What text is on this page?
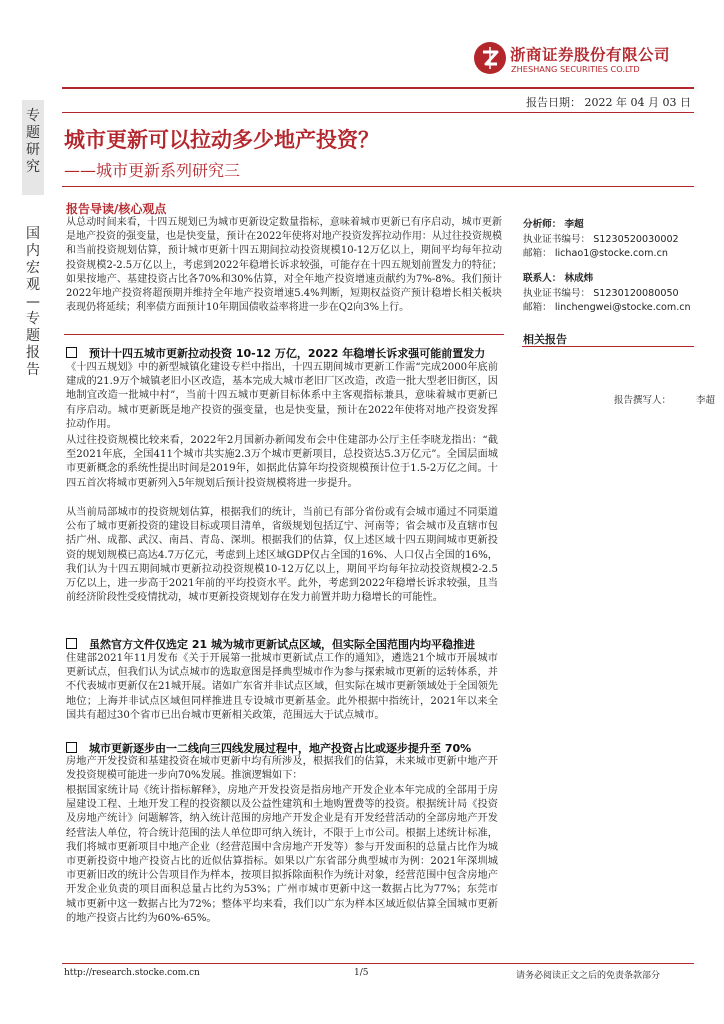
浙商证券股份有限公司
ZHESHANG SECURITIES CO.LTD
报告日期： 2022 年 04 月 03 日
专
题
研
究
国
内
宏
观
—
专
题
报
告
城市更新可以拉动多少地产投资？
——城市更新系列研究三
报告导读/核心观点
从总动时间来看，十四五规划已为城市更新设定数量指标，意味着城市更新已有序启动，城市更新是地产投资的强变量，也是快变量，预计在2022年使将对地产投资发挥拉动作用：从过往投资规模和当前投资规划估算，预计城市更新十四五期间拉动投资规模10-12万亿以上，期间平均每年拉动投资规模2-2.5万亿以上，考虑到2022年稳增长诉求较强，可能存在十四五规划前置发力的特征；如果按地产、基建投资占比各70%和30%估算，对全年地产投资增速贡献约为7%-8%。我们预计2022年地产投资将超预期并维持全年地产投资增速5.4%判断，短期权益资产预计稳增长相关板块表现仍将延续；利率债方面预计10年期国债收益率将进一步在Q2向3%上行。
分析师： 李超
执业证书编号： S1230520030002
邮箱： lichao1@stocke.com.cn
联系人： 林成炜
执业证书编号： S1230120080050
邮箱： linchengwei@stocke.com.cn
相关报告
报告撰写人：	李超
预计十四五城市更新拉动投资 10-12 万亿，2022 年稳增长诉求强可能前置发力
《十四五规划》中的新型城镇化建设专栏中指出，十四五期间城市更新工作需“完成2000年底前建成的21.9万个城镇老旧小区改造，基本完成大城市老旧厂区改造，改造一批大型老旧街区，因地制宜改造一批城中村”，当前十四五城市更新目标体系中主客观指标兼具，意味着城市更新已有序启动。城市更新既是地产投资的强变量，也是快变量，预计在2022年使将对地产投资发挥拉动作用。
从过往投资规模比较来看，2022年2月国新办新闻发布会中住建部办公厅主任李晓龙指出：“截至2021年底，全国411个城市共实施2.3万个城市更新项目，总投资达5.3万亿元”。全国层面城市更新概念的系统性提出时间是2019年，如据此估算年均投资规模预计位于1.5-2万亿之间。十四五首次将城市更新列入5年规划后预计投资规模将进一步提升。
从当前局部城市的投资规划估算，根据我们的统计，当前已有部分省份或有会城市通过不同渠道公布了城市更新投资的建设目标或项目清单，省级规划包括辽宁、河南等；省会城市及直辖市包括广州、成都、武汉、南昌、青岛、深圳。根据我们的估算，仅上述区域十四五期间城市更新投资的规划规模已高达4.7万亿元，考虑到上述区域GDP仅占全国的16%、人口仅占全国的16%，我们认为十四五期间城市更新拉动投资规模10-12万亿以上，期间平均每年拉动投资规模2-2.5万亿以上，进一步高于2021年前的平均投资水平。此外，考虑到2022年稳增长诉求较强，且当前经济阶段性受疫情扰动，城市更新投资规划存在发力前置并助力稳增长的可能性。
虽然官方文件仅选定 21 城为城市更新试点区域，但实际全国范围内均平稳推进
住建部2021年11月发布《关于开展第一批城市更新试点工作的通知》，遴选21个城市开展城市更新试点，但我们认为试点城市的选取意图是择典型城市作为参与探索城市更新的运转体系，并不代表城市更新仅在21城开展。诸如广东省并非试点区域，但实际在城市更新领域处于全国领先地位；上海并非试点区域但同样推进且专设城市更新基金。此外根据中指统计，2021年以来全国共有超过30个省市已出台城市更新相关政策，范围远大于试点城市。
城市更新逐步由一二线向三四线发展过程中，地产投资占比或逐步提升至 70%
房地产开发投资和基建投资在城市更新中均有所涉及，根据我们的估算，未来城市更新中地产开发投资规模可能进一步向70%发展。推演逻辑如下：
根据国家统计局《统计指标解释》，房地产开发投资是指房地产开发企业本年完成的全部用于房屋建设工程、土地开发工程的投资额以及公益性建筑和土地购置费等的投资。根据统计局《投资及房地产统计》问题解答，纳入统计范围的房地产开发企业是有开发经营活动的全部房地产开发经营法人单位，符合统计范围的法人单位即可纳入统计，不限于上市公司。根据上述统计标准，我们将城市更新项目中地产企业（经营范围中含房地产开发等）参与开发面积的总量占比作为城市更新投资中地产投资占比的近似估算指标。如果以广东省部分典型城市为例：2021年深圳城市更新旧改的统计公告项目作为样本，按项目拟拆除面积作为统计对象，经营范围中包含房地产开发企业负责的项目面积总量占比约为53%；广州市城市更新中这一数据占比为77%；东莞市城市更新中这一数据占比为72%；整体平均来看，我们以广东为样本区域近似估算全国城市更新的地产投资占比约为60%-65%。
http://research.stocke.com.cn	1/5	请务必阅读正文之后的免责条款部分
